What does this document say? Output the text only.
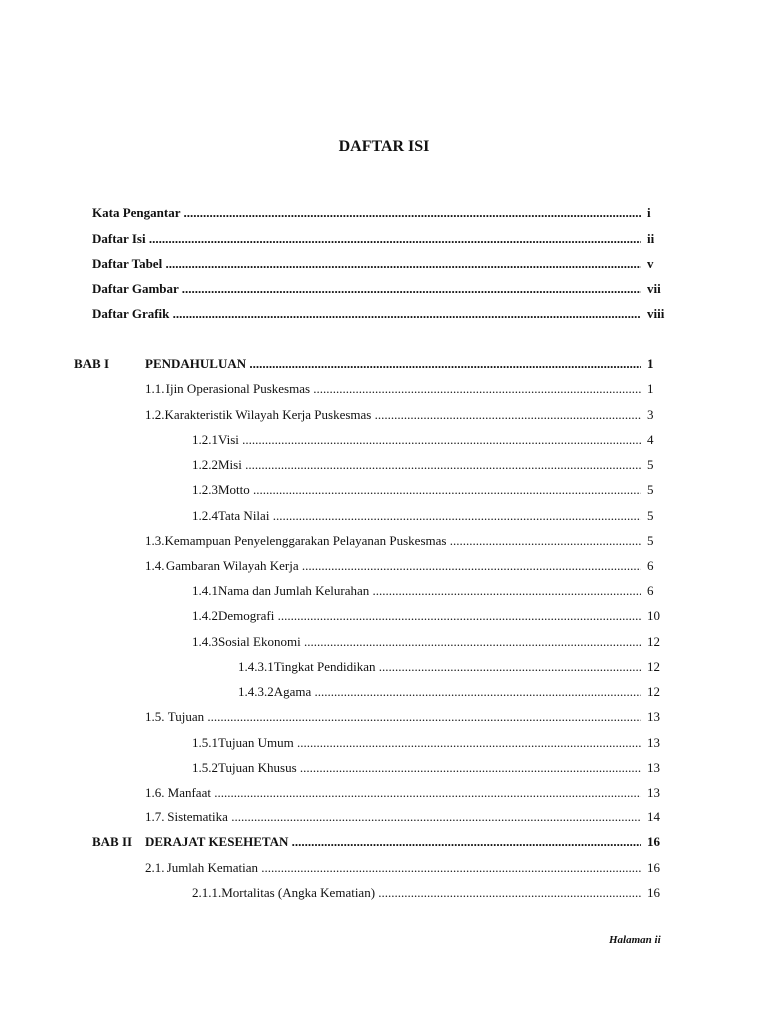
DAFTAR ISI
Kata Pengantar .....	i
Daftar Isi .....	ii
Daftar Tabel .....	v
Daftar Gambar .....	vii
Daftar Grafik .....	viii
BAB I	PENDAHULUAN .....	1
1.1. Ijin Operasional Puskesmas .....	1
1.2. Karakteristik Wilayah Kerja Puskesmas .....	3
1.2.1 Visi .....	4
1.2.2 Misi .....	5
1.2.3 Motto .....	5
1.2.4 Tata Nilai .....	5
1.3. Kemampuan Penyelenggarakan Pelayanan Puskesmas .....	5
1.4. Gambaran Wilayah Kerja .....	6
1.4.1 Nama dan Jumlah Kelurahan .....	6
1.4.2 Demografi .....	10
1.4.3 Sosial Ekonomi .....	12
1.4.3.1 Tingkat Pendidikan .....	12
1.4.3.2 Agama .....	12
1.5. Tujuan .....	13
1.5.1 Tujuan Umum .....	13
1.5.2 Tujuan Khusus .....	13
1.6. Manfaat .....	13
1.7. Sistematika .....	14
BAB II DERAJAT KESEHETAN .....	16
2.1. Jumlah Kematian .....	16
2.1.1. Mortalitas (Angka Kematian) .....	16
Halaman ii
